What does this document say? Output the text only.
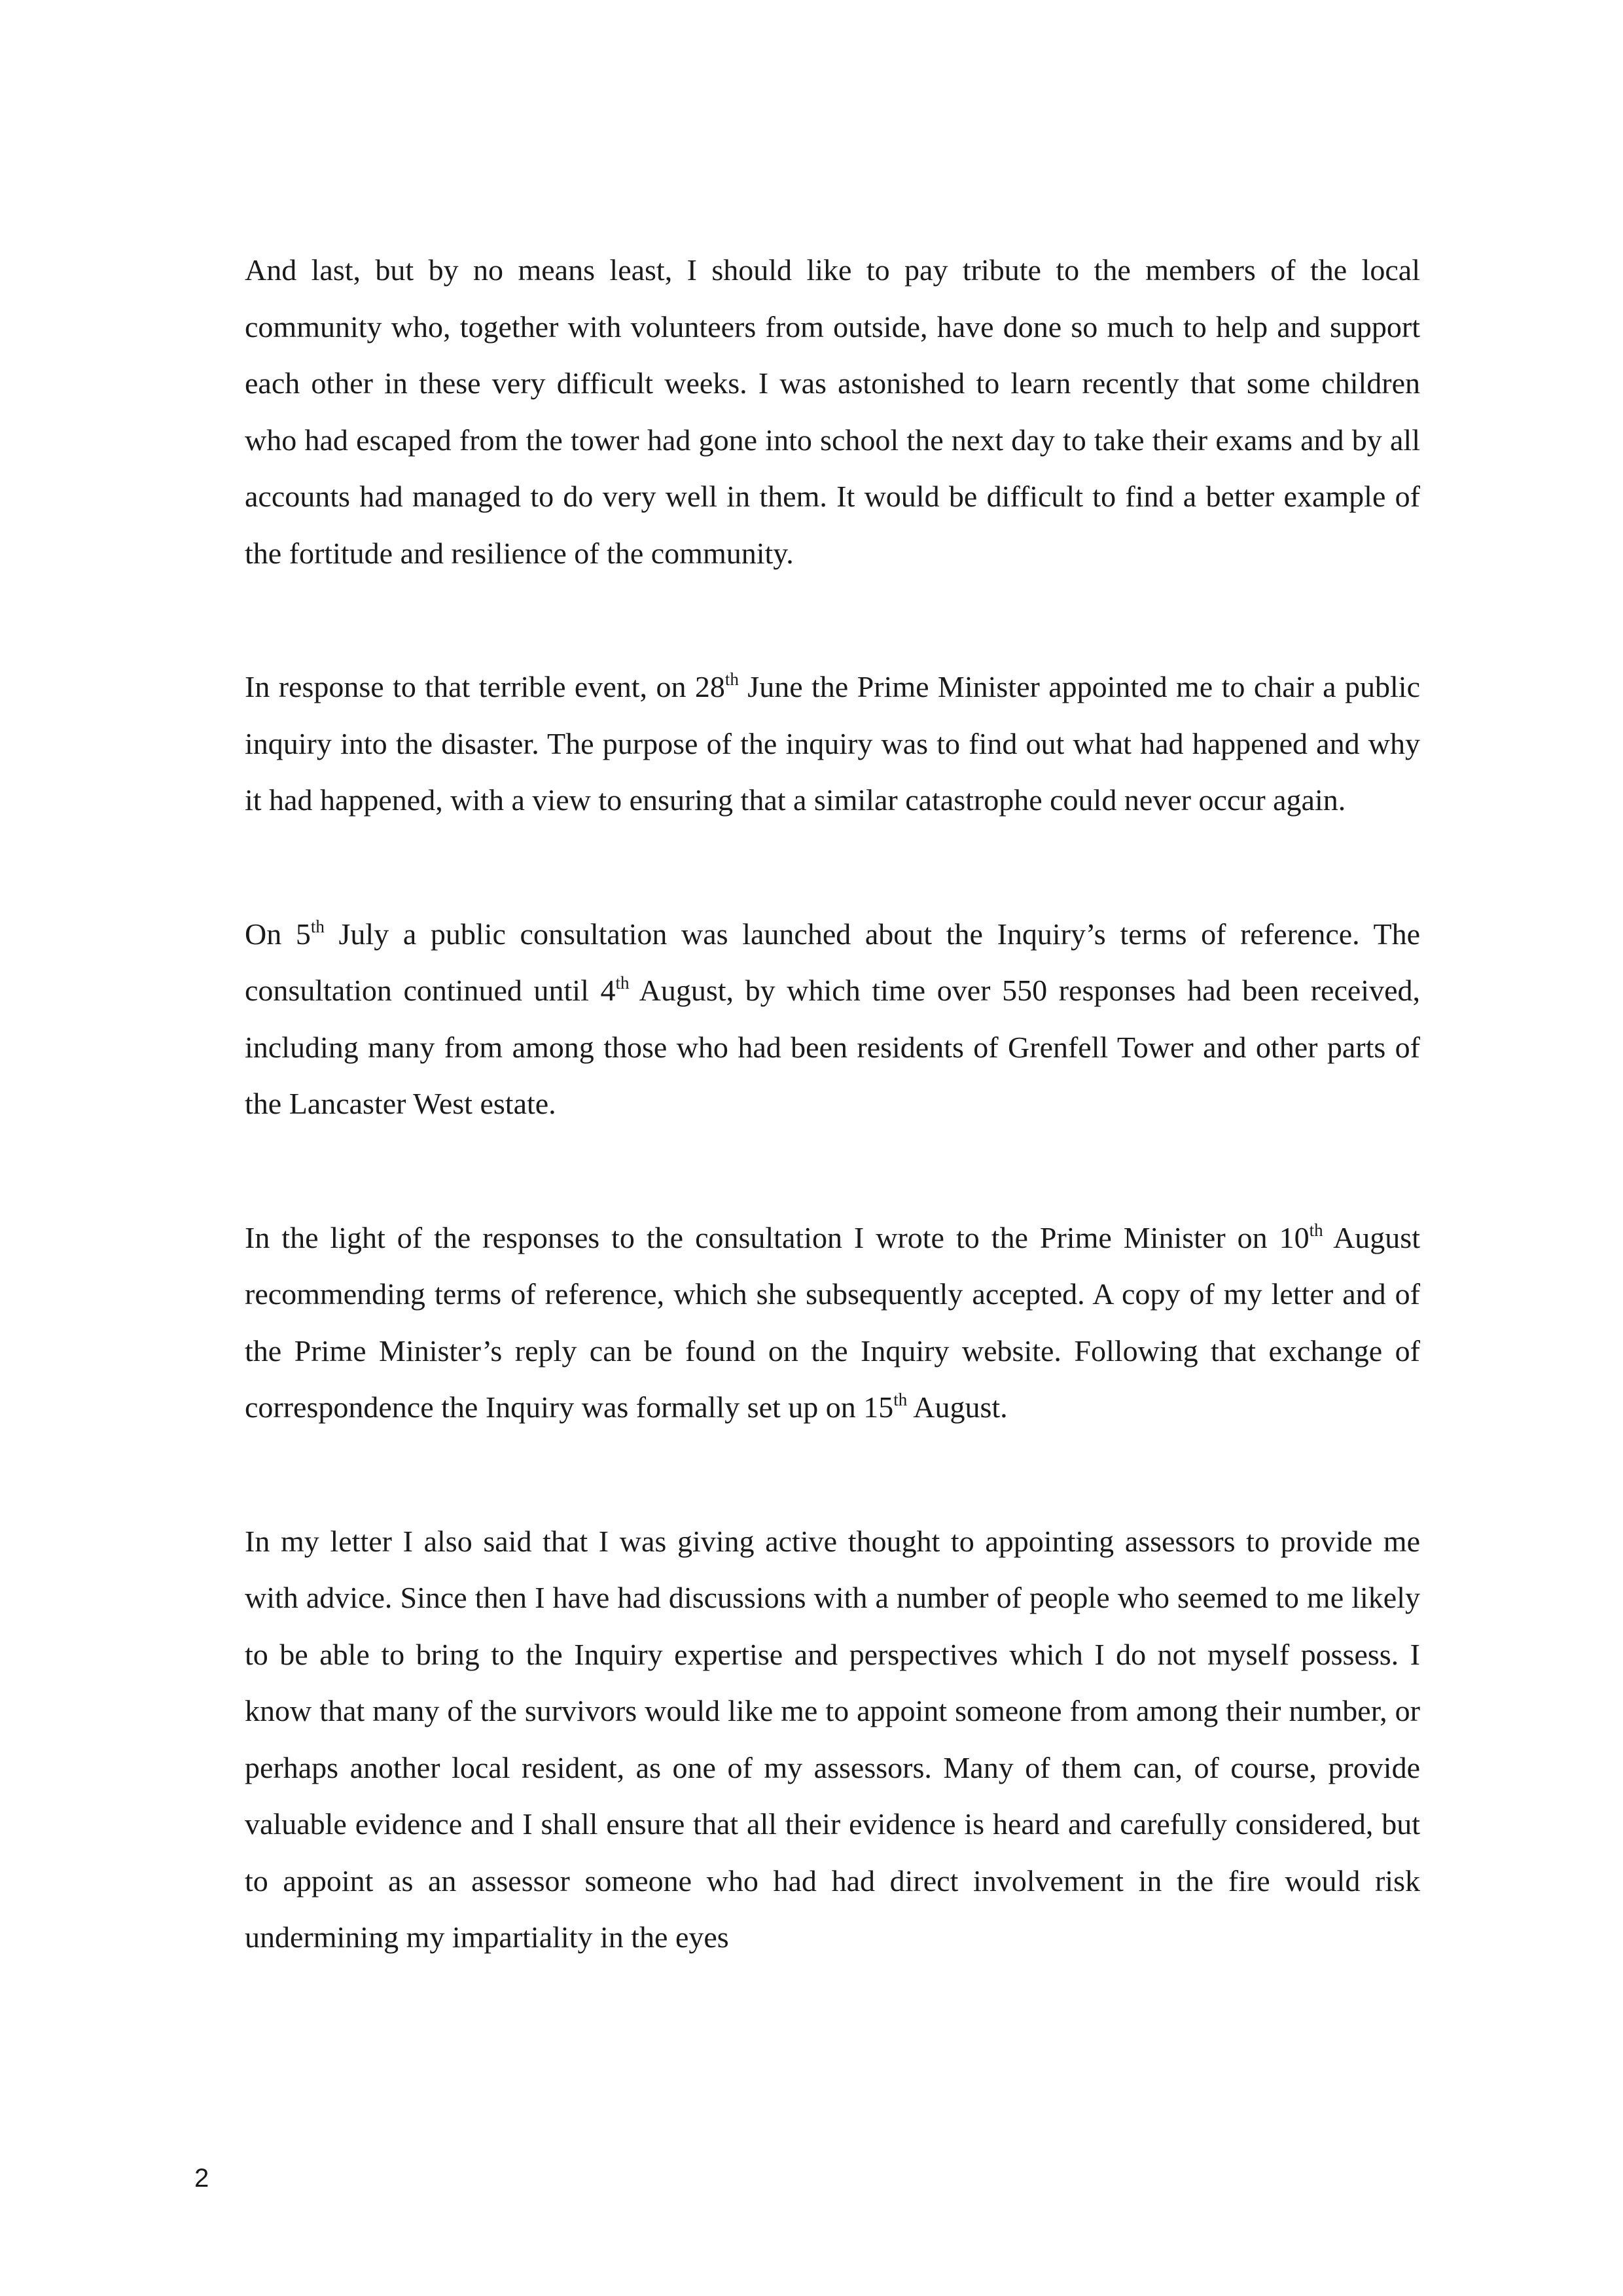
And last, but by no means least, I should like to pay tribute to the members of the local community who, together with volunteers from outside, have done so much to help and support each other in these very difficult weeks. I was astonished to learn recently that some children who had escaped from the tower had gone into school the next day to take their exams and by all accounts had managed to do very well in them. It would be difficult to find a better example of the fortitude and resilience of the community.

In response to that terrible event, on 28th June the Prime Minister appointed me to chair a public inquiry into the disaster. The purpose of the inquiry was to find out what had happened and why it had happened, with a view to ensuring that a similar catastrophe could never occur again.

On 5th July a public consultation was launched about the Inquiry’s terms of reference. The consultation continued until 4th August, by which time over 550 responses had been received, including many from among those who had been residents of Grenfell Tower and other parts of the Lancaster West estate.

In the light of the responses to the consultation I wrote to the Prime Minister on 10th August recommending terms of reference, which she subsequently accepted. A copy of my letter and of the Prime Minister’s reply can be found on the Inquiry website. Following that exchange of correspondence the Inquiry was formally set up on 15th August.

In my letter I also said that I was giving active thought to appointing assessors to provide me with advice. Since then I have had discussions with a number of people who seemed to me likely to be able to bring to the Inquiry expertise and perspectives which I do not myself possess. I know that many of the survivors would like me to appoint someone from among their number, or perhaps another local resident, as one of my assessors. Many of them can, of course, provide valuable evidence and I shall ensure that all their evidence is heard and carefully considered, but to appoint as an assessor someone who had had direct involvement in the fire would risk undermining my impartiality in the eyes

2
